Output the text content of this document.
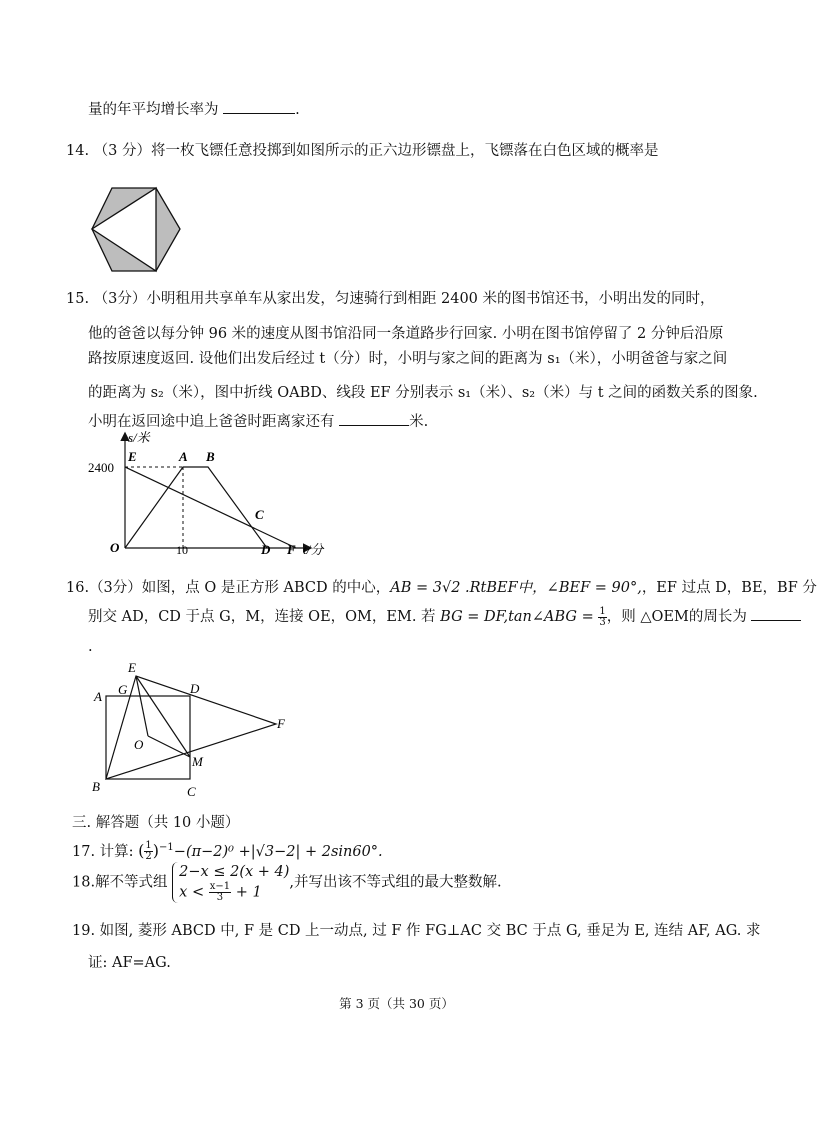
量的年平均增长率为	.
14. （3 分）将一枚飞镖任意投掷到如图所示的正六边形镖盘上，飞镖落在白色区域的概率是
15. （3分）小明租用共享单车从家出发，匀速骑行到相距 2400 米的图书馆还书，小明出发的同时，
他的爸爸以每分钟 96 米的速度从图书馆沿同一条道路步行回家. 小明在图书馆停留了 2 分钟后沿原
路按原速度返回. 设他们出发后经过 t（分）时，小明与家之间的距离为 s₁（米），小明爸爸与家之间
的距离为 s₂（米），图中折线 OABD、线段 EF 分别表示 s₁（米）、s₂（米）与 t 之间的函数关系的图象.
小明在返回途中追上爸爸时距离家还有	米.
s/米
2400
E	A B
C
O	10	D F t/分
16.（3分）如图，点 O 是正方形 ABCD 的中心，AB = 3√2 .RtBEF中，∠BEF = 90°,，EF 过点 D，BE，BF 分
别交 AD，CD 于点 G，M，连接 OE，OM，EM. 若 BG = DF,tan∠ABG = $\frac{1}{3}$ ，则 △OEM的周长为
.
A G
E
D
F
O
M
B	C
三. 解答题（共 10 小题）
17. 计算: ( $\frac{1}{2} )^{-1}-(\pi-2)^0 +|√3-2| + 2\sin 60^\circ$.
18.解不等式组
2−x ≤ 2(x + 4)
$x < \frac{x-1}{3} + 1$
,并写出该不等式组的最大整数解.
19. 如图, 菱形 ABCD 中, F 是 CD 上一动点, 过 F 作 FG⊥AC 交 BC 于点 G, 垂足为 E, 连结 AF, AG. 求
证: AF=AG.
第 3 页（共 30 页）
